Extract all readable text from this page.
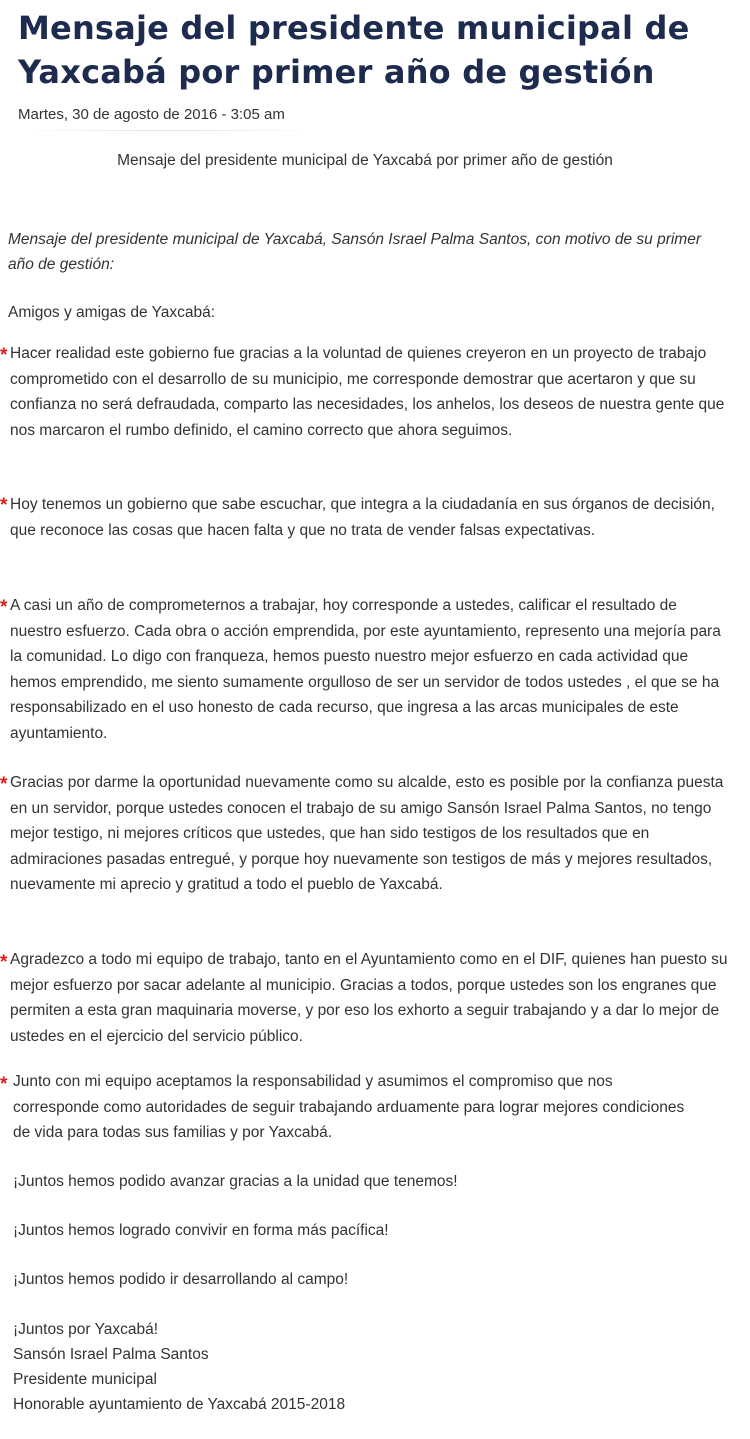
Mensaje del presidente municipal de Yaxcabá por primer año de gestión
Martes, 30 de agosto de 2016 - 3:05 am
Mensaje del presidente municipal de Yaxcabá por primer año de gestión
Mensaje del presidente municipal de Yaxcabá, Sansón Israel Palma Santos, con motivo de su primer año de gestión:
Amigos y amigas de Yaxcabá:
* Hacer realidad este gobierno fue gracias a la voluntad de quienes creyeron en un proyecto de trabajo comprometido con el desarrollo de su municipio, me corresponde demostrar que acertaron y que su confianza no será defraudada, comparto las necesidades, los anhelos, los deseos de nuestra gente que nos marcaron el rumbo definido, el camino correcto que ahora seguimos.

* Hoy tenemos un gobierno que sabe escuchar, que integra a la ciudadanía en sus órganos de decisión, que reconoce las cosas que hacen falta y que no trata de vender falsas expectativas.

* A casi un año de comprometernos a trabajar, hoy corresponde a ustedes, calificar el resultado de nuestro esfuerzo. Cada obra o acción emprendida, por este ayuntamiento, represento una mejoría para la comunidad. Lo digo con franqueza, hemos puesto nuestro mejor esfuerzo en cada actividad que hemos emprendido, me siento sumamente orgulloso de ser un servidor de todos ustedes , el que se ha responsabilizado en el uso honesto de cada recurso, que ingresa a las arcas municipales de este ayuntamiento.

* Gracias por darme la oportunidad nuevamente como su alcalde, esto es posible por la confianza puesta en un servidor, porque ustedes conocen el trabajo de su amigo Sansón Israel Palma Santos, no tengo mejor testigo, ni mejores críticos que ustedes, que han sido testigos de los resultados que en admiraciones pasadas entregué, y porque hoy nuevamente son testigos de más y mejores resultados, nuevamente mi aprecio y gratitud a todo el pueblo de Yaxcabá.

* Agradezco a todo mi equipo de trabajo, tanto en el Ayuntamiento como en el DIF, quienes han puesto su mejor esfuerzo por sacar adelante al municipio. Gracias a todos, porque ustedes son los engranes que permiten a esta gran maquinaria moverse, y por eso los exhorto a seguir trabajando y a dar lo mejor de ustedes en el ejercicio del servicio público.

* Junto con mi equipo aceptamos la responsabilidad y asumimos el compromiso que nos corresponde como autoridades de seguir trabajando arduamente para lograr mejores condiciones de vida para todas sus familias y por Yaxcabá.

¡Juntos hemos podido avanzar gracias a la unidad que tenemos!
¡Juntos hemos logrado convivir en forma más pacífica!
¡Juntos hemos podido ir desarrollando al campo!
¡Juntos por Yaxcabá!
Sansón Israel Palma Santos
Presidente municipal
Honorable ayuntamiento de Yaxcabá 2015-2018
